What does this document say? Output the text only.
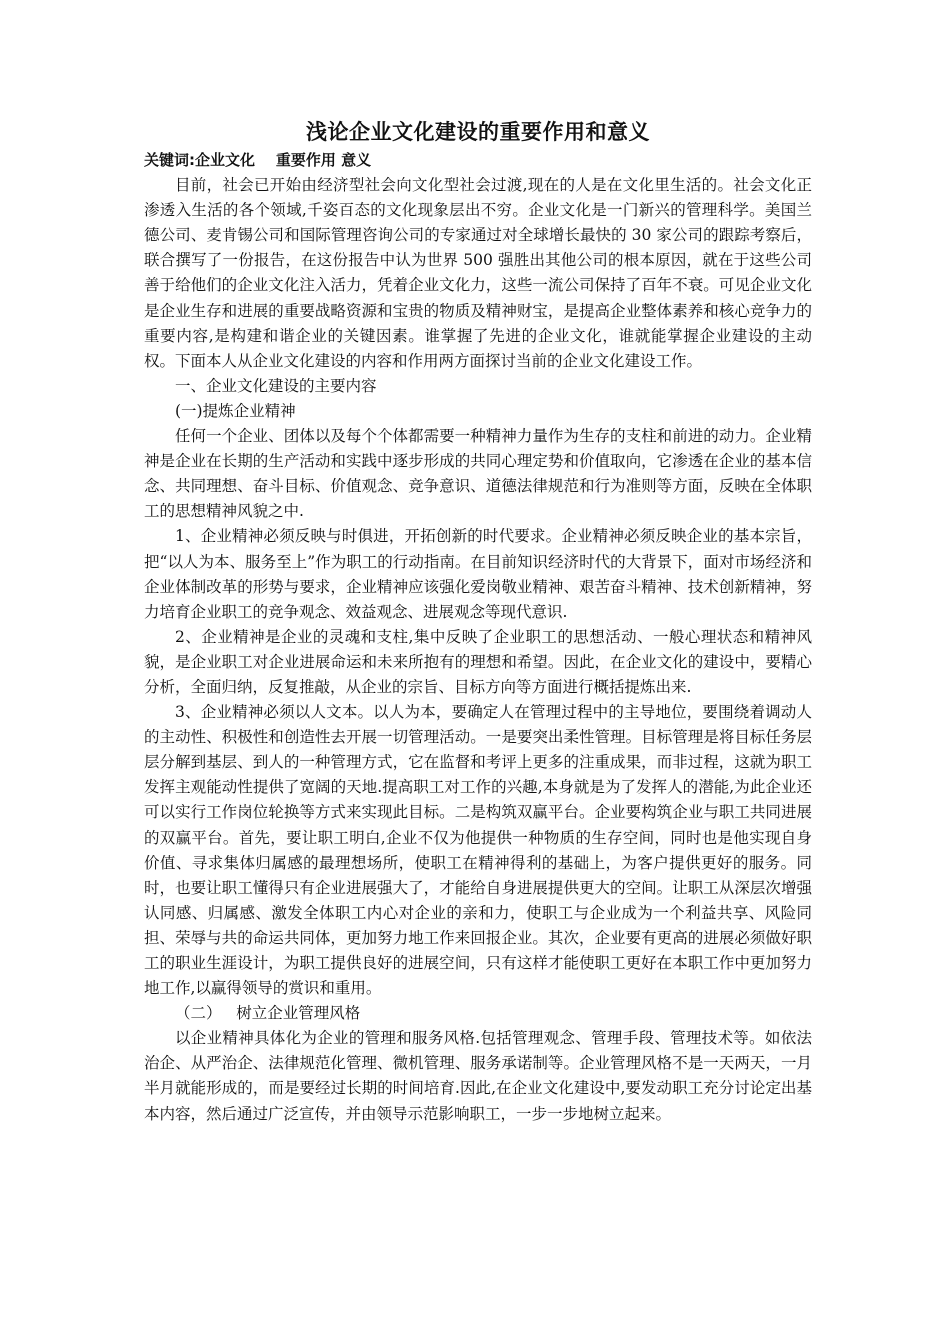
浅论企业文化建设的重要作用和意义
关键词:企业文化    重要作用 意义

目前，社会已开始由经济型社会向文化型社会过渡,现在的人是在文化里生活的。社会文化正渗透入生活的各个领域,千姿百态的文化现象层出不穷。企业文化是一门新兴的管理科学。美国兰德公司、麦肯锡公司和国际管理咨询公司的专家通过对全球增长最快的 30 家公司的跟踪考察后，联合撰写了一份报告，在这份报告中认为世界 500 强胜出其他公司的根本原因，就在于这些公司善于给他们的企业文化注入活力，凭着企业文化力，这些一流公司保持了百年不衰。可见企业文化是企业生存和进展的重要战略资源和宝贵的物质及精神财宝，是提高企业整体素养和核心竞争力的重要内容,是构建和谐企业的关键因素。谁掌握了先进的企业文化，谁就能掌握企业建设的主动权。下面本人从企业文化建设的内容和作用两方面探讨当前的企业文化建设工作。

一、企业文化建设的主要内容

(一)提炼企业精神

任何一个企业、团体以及每个个体都需要一种精神力量作为生存的支柱和前进的动力。企业精神是企业在长期的生产活动和实践中逐步形成的共同心理定势和价值取向，它渗透在企业的基本信念、共同理想、奋斗目标、价值观念、竞争意识、道德法律规范和行为准则等方面，反映在全体职工的思想精神风貌之中.

1、企业精神必须反映与时俱进，开拓创新的时代要求。企业精神必须反映企业的基本宗旨，把“以人为本、服务至上”作为职工的行动指南。在目前知识经济时代的大背景下，面对市场经济和企业体制改革的形势与要求，企业精神应该强化爱岗敬业精神、艰苦奋斗精神、技术创新精神，努力培育企业职工的竞争观念、效益观念、进展观念等现代意识.

2、企业精神是企业的灵魂和支柱,集中反映了企业职工的思想活动、一般心理状态和精神风貌，是企业职工对企业进展命运和未来所抱有的理想和希望。因此，在企业文化的建设中，要精心分析，全面归纳，反复推敲，从企业的宗旨、目标方向等方面进行概括提炼出来.

3、企业精神必须以人文本。以人为本，要确定人在管理过程中的主导地位，要围绕着调动人的主动性、积极性和创造性去开展一切管理活动。一是要突出柔性管理。目标管理是将目标任务层层分解到基层、到人的一种管理方式，它在监督和考评上更多的注重成果，而非过程，这就为职工发挥主观能动性提供了宽阔的天地.提高职工对工作的兴趣,本身就是为了发挥人的潜能,为此企业还可以实行工作岗位轮换等方式来实现此目标。二是构筑双赢平台。企业要构筑企业与职工共同进展的双赢平台。首先，要让职工明白,企业不仅为他提供一种物质的生存空间，同时也是他实现自身价值、寻求集体归属感的最理想场所，使职工在精神得利的基础上，为客户提供更好的服务。同时，也要让职工懂得只有企业进展强大了，才能给自身进展提供更大的空间。让职工从深层次增强认同感、归属感、激发全体职工内心对企业的亲和力，使职工与企业成为一个利益共享、风险同担、荣辱与共的命运共同体，更加努力地工作来回报企业。其次，企业要有更高的进展必须做好职工的职业生涯设计，为职工提供良好的进展空间，只有这样才能使职工更好在本职工作中更加努力地工作,以赢得领导的赏识和重用。

（二）   树立企业管理风格

以企业精神具体化为企业的管理和服务风格.包括管理观念、管理手段、管理技术等。如依法治企、从严治企、法律规范化管理、微机管理、服务承诺制等。企业管理风格不是一天两天，一月半月就能形成的，而是要经过长期的时间培育.因此,在企业文化建设中,要发动职工充分讨论定出基本内容，然后通过广泛宣传，并由领导示范影响职工，一步一步地树立起来。
